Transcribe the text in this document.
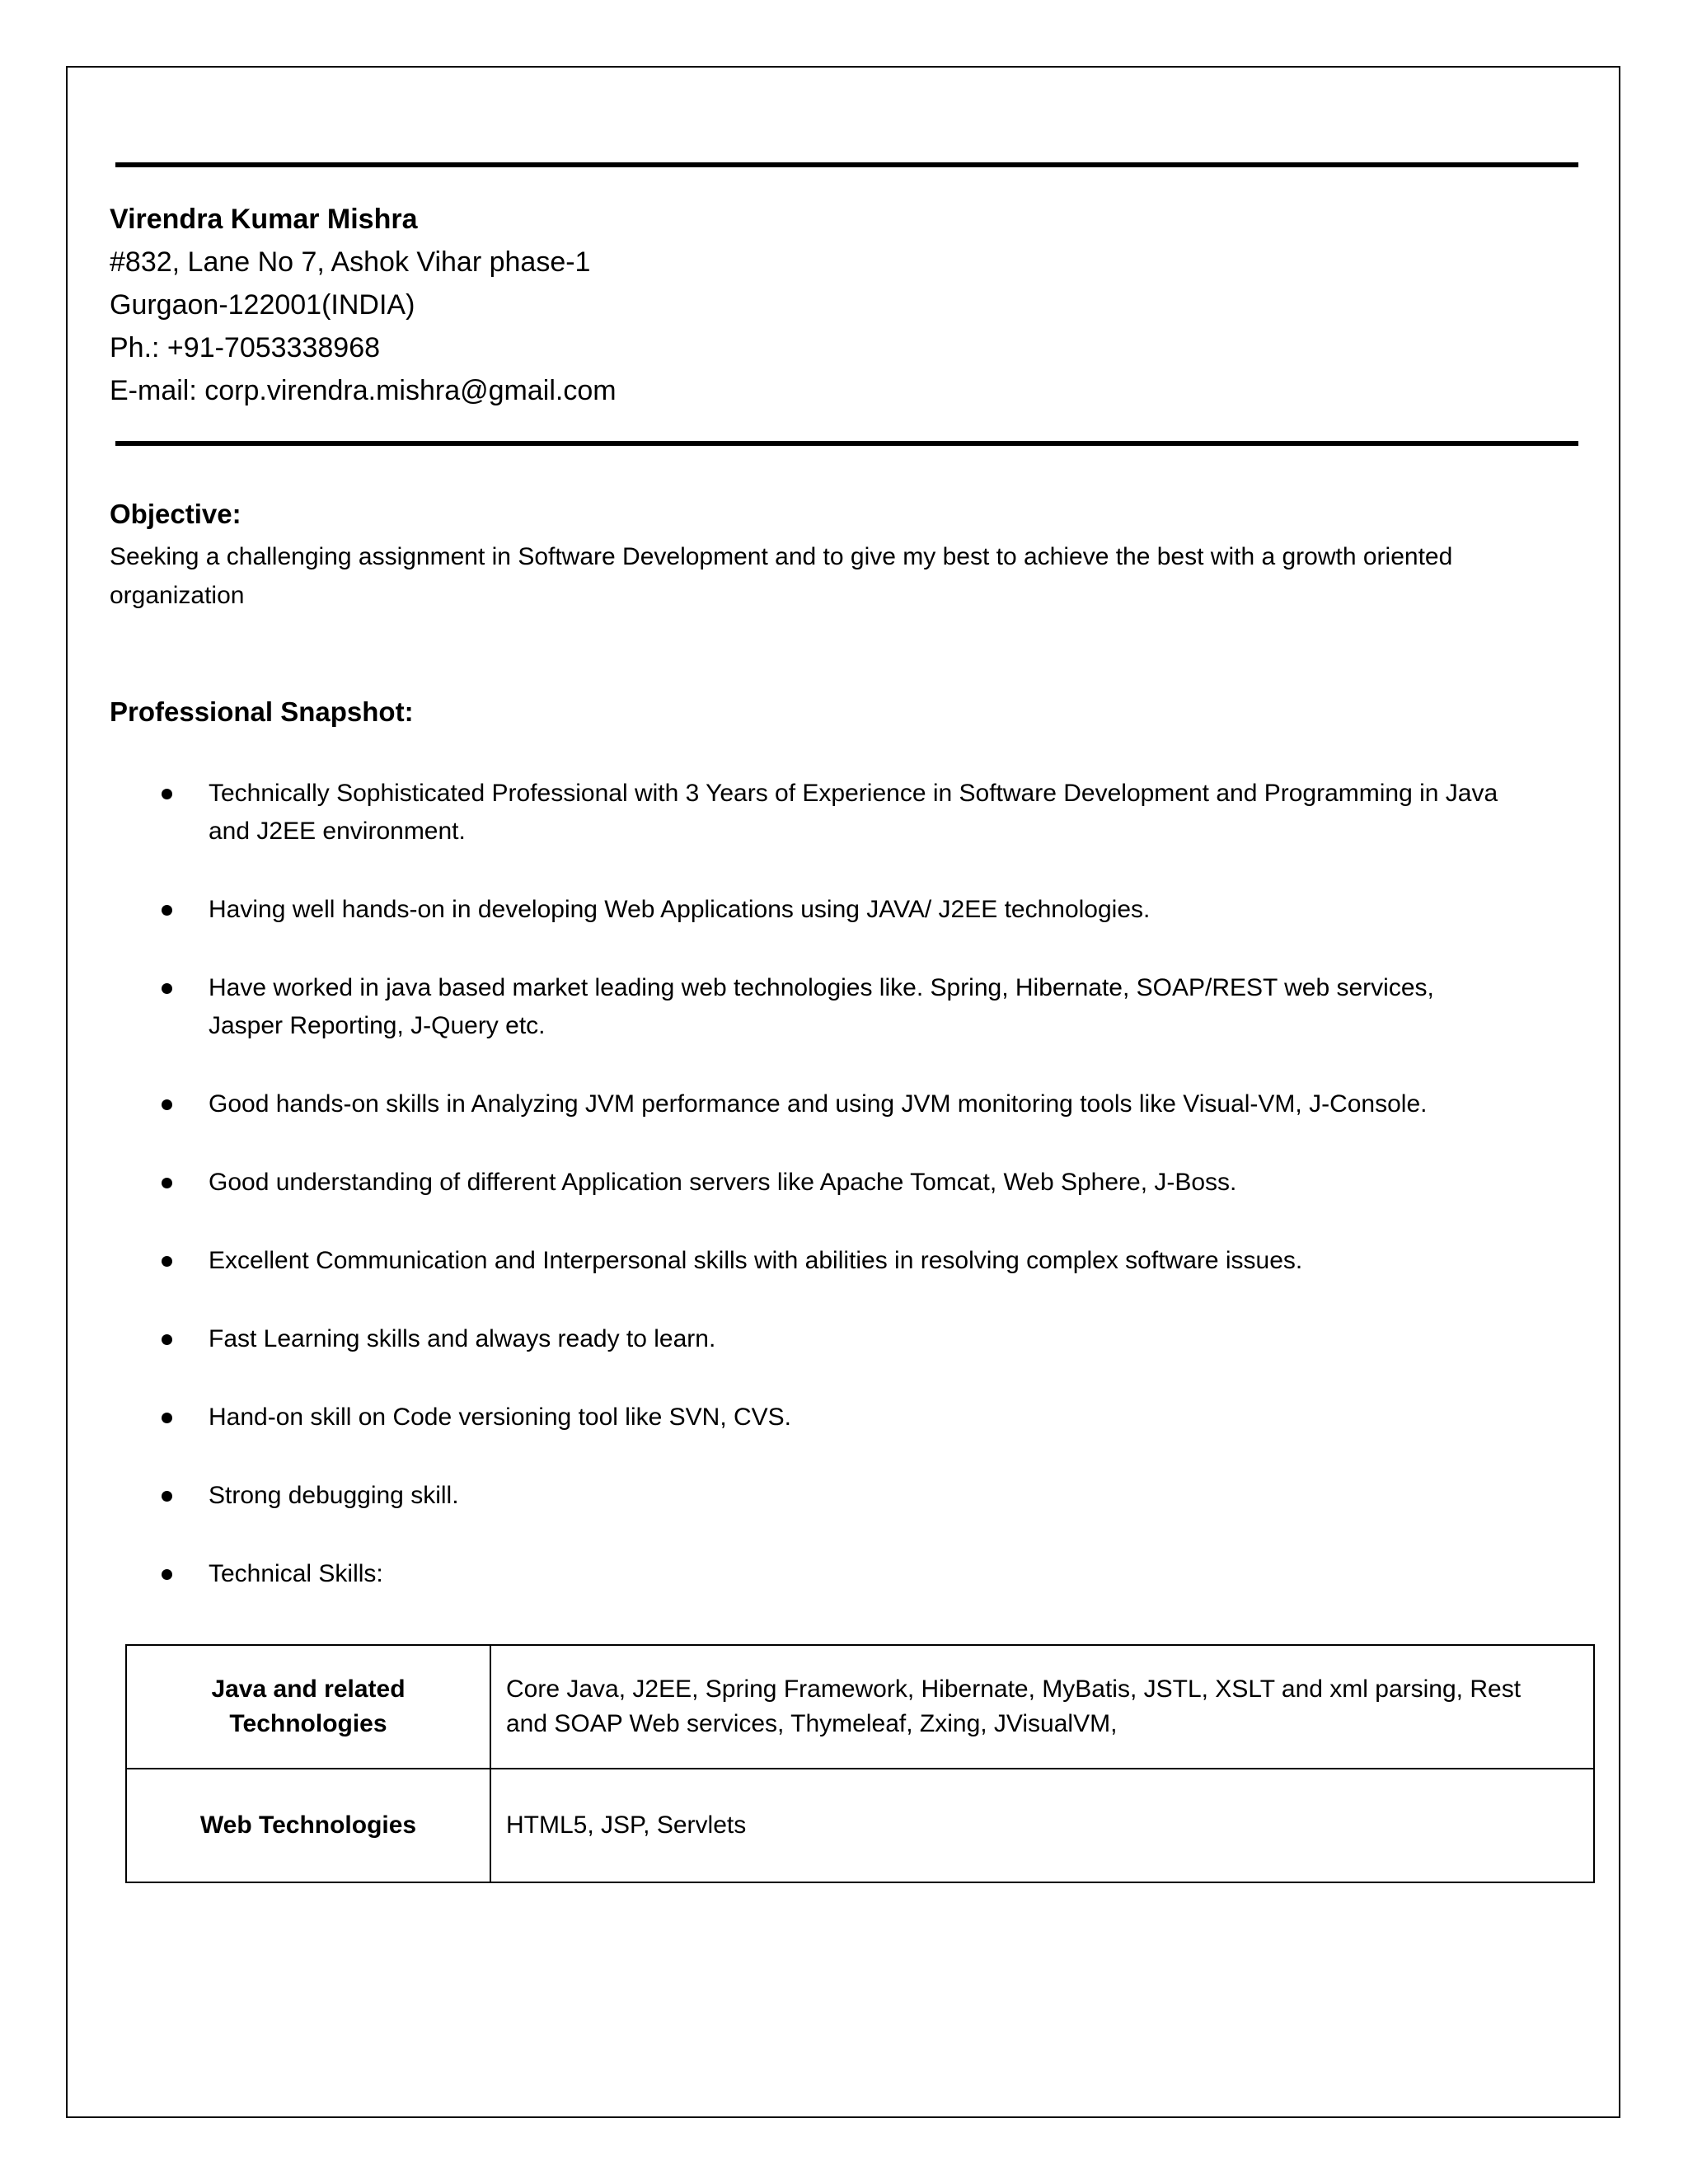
Virendra Kumar Mishra
#832, Lane No 7, Ashok Vihar phase-1
Gurgaon-122001(INDIA)
Ph.: +91-7053338968
E-mail: corp.virendra.mishra@gmail.com
Objective:
Seeking a challenging assignment in Software Development and to give my best to achieve the best with a growth oriented organization
Professional Snapshot:
Technically Sophisticated Professional with 3 Years of Experience in Software Development and Programming in Java and J2EE environment.
Having well hands-on in developing Web Applications using JAVA/ J2EE technologies.
Have worked in java based market leading web technologies like. Spring, Hibernate, SOAP/REST web services, Jasper Reporting, J-Query etc.
Good hands-on skills in Analyzing JVM performance and using JVM monitoring tools like Visual-VM, J-Console.
Good understanding of different Application servers like Apache Tomcat, Web Sphere, J-Boss.
Excellent Communication and Interpersonal skills with abilities in resolving complex software issues.
Fast Learning skills and always ready to learn.
Hand-on skill on Code versioning tool like SVN, CVS.
Strong debugging skill.
Technical Skills:
Java and related Technologies	Core Java, J2EE, Spring Framework, Hibernate, MyBatis, JSTL, XSLT and xml parsing, Rest and SOAP Web services, Thymeleaf, Zxing, JVisualVM,
Web Technologies	HTML5, JSP, Servlets
